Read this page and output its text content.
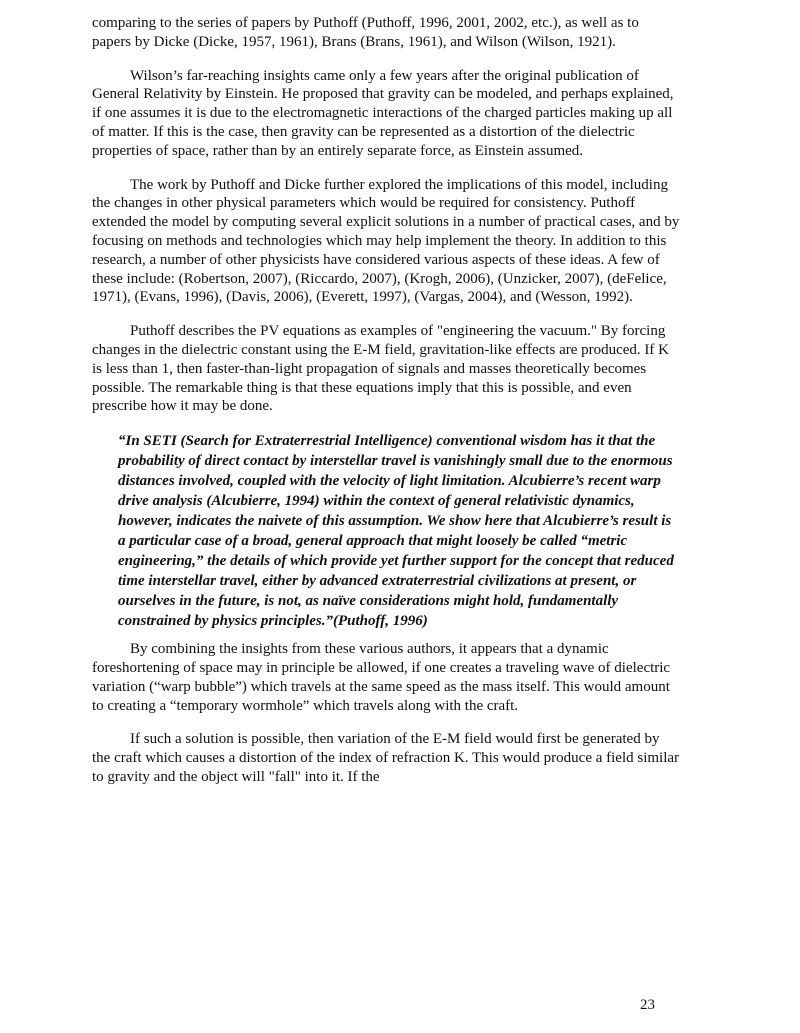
comparing to the series of papers by Puthoff (Puthoff, 1996, 2001, 2002, etc.), as well as to papers by Dicke (Dicke, 1957, 1961), Brans (Brans, 1961), and Wilson (Wilson, 1921).

Wilson’s far-reaching insights came only a few years after the original publication of General Relativity by Einstein. He proposed that gravity can be modeled, and perhaps explained, if one assumes it is due to the electromagnetic interactions of the charged particles making up all of matter. If this is the case, then gravity can be represented as a distortion of the dielectric properties of space, rather than by an entirely separate force, as Einstein assumed.

The work by Puthoff and Dicke further explored the implications of this model, including the changes in other physical parameters which would be required for consistency. Puthoff extended the model by computing several explicit solutions in a number of practical cases, and by focusing on methods and technologies which may help implement the theory. In addition to this research, a number of other physicists have considered various aspects of these ideas. A few of these include: (Robertson, 2007), (Riccardo, 2007), (Krogh, 2006), (Unzicker, 2007), (deFelice, 1971), (Evans, 1996), (Davis, 2006), (Everett, 1997), (Vargas, 2004), and (Wesson, 1992).

Puthoff describes the PV equations as examples of "engineering the vacuum." By forcing changes in the dielectric constant using the E-M field, gravitation-like effects are produced. If K is less than 1, then faster-than-light propagation of signals and masses theoretically becomes possible. The remarkable thing is that these equations imply that this is possible, and even prescribe how it may be done.

“In SETI (Search for Extraterrestrial Intelligence) conventional wisdom has it that the probability of direct contact by interstellar travel is vanishingly small due to the enormous distances involved, coupled with the velocity of light limitation. Alcubierre’s recent warp drive analysis (Alcubierre, 1994) within the context of general relativistic dynamics, however, indicates the naivete of this assumption. We show here that Alcubierre’s result is a particular case of a broad, general approach that might loosely be called “metric engineering,” the details of which provide yet further support for the concept that reduced time interstellar travel, either by advanced extraterrestrial civilizations at present, or ourselves in the future, is not, as naïve considerations might hold, fundamentally constrained by physics principles.”(Puthoff, 1996)

By combining the insights from these various authors, it appears that a dynamic foreshortening of space may in principle be allowed, if one creates a traveling wave of dielectric variation (“warp bubble”) which travels at the same speed as the mass itself. This would amount to creating a “temporary wormhole” which travels along with the craft.

If such a solution is possible, then variation of the E-M field would first be generated by the craft which causes a distortion of the index of refraction K. This would produce a field similar to gravity and the object will "fall" into it. If the

23
